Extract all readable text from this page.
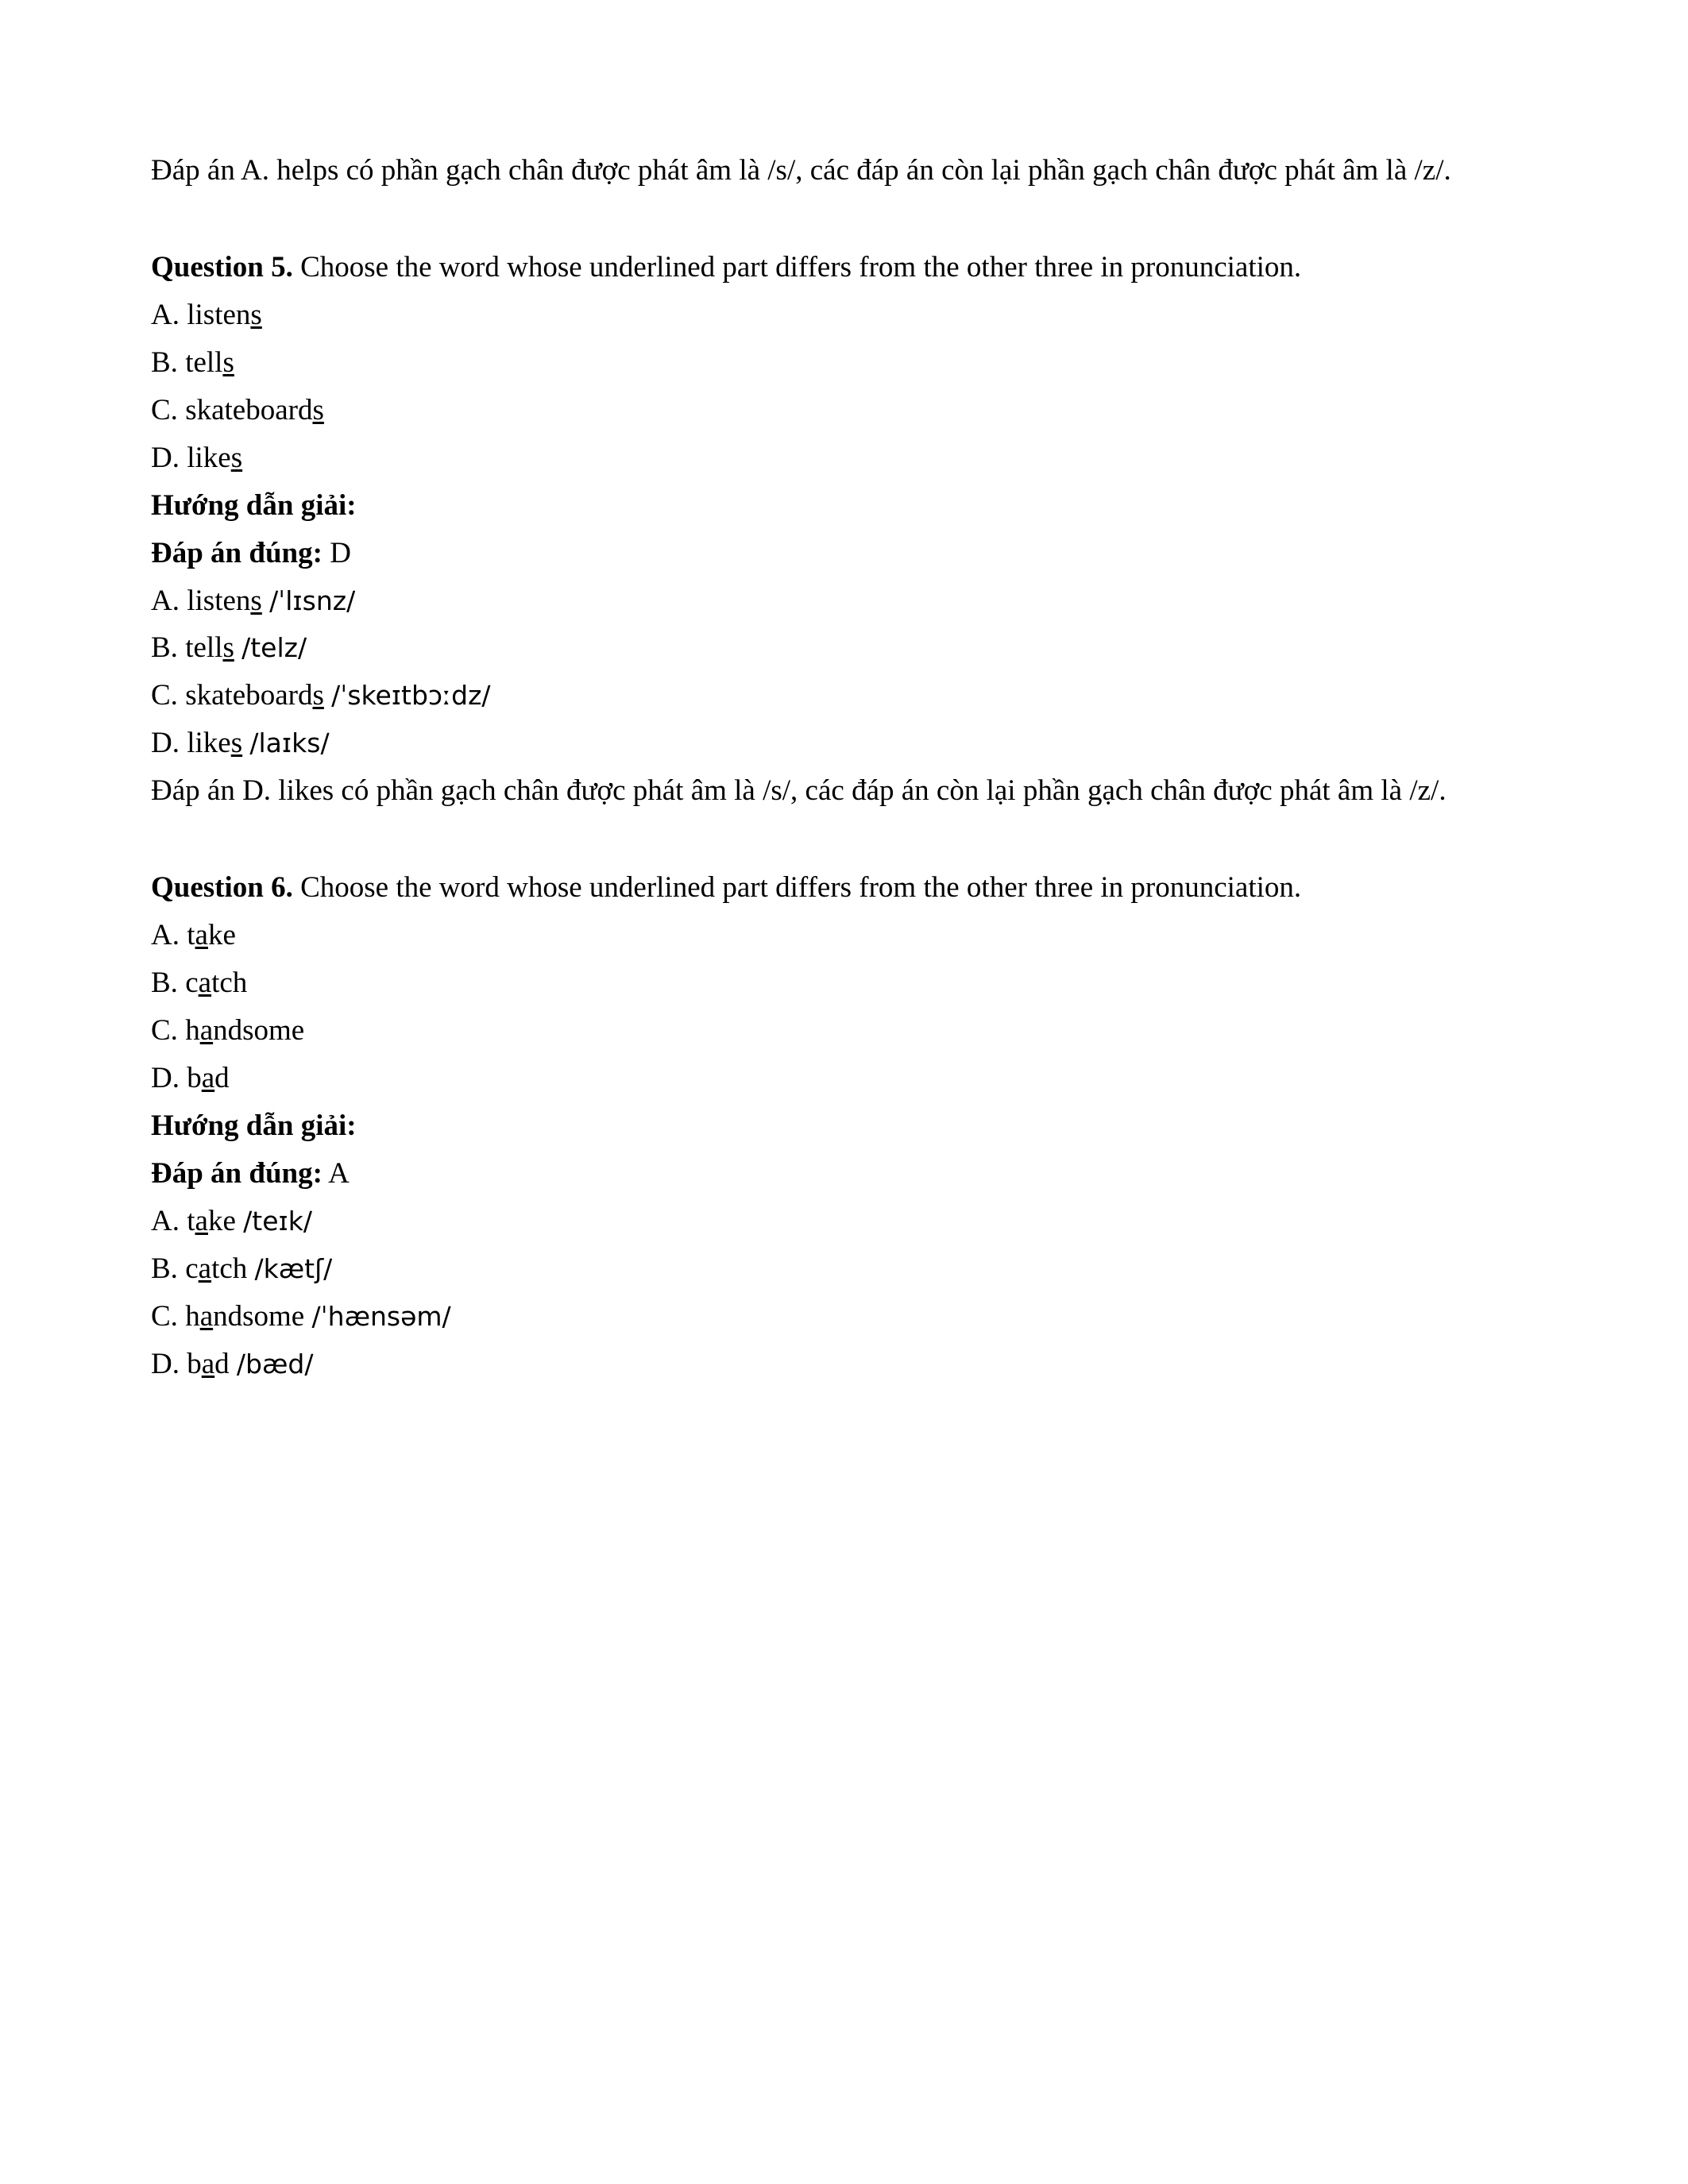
Đáp án A. helps có phần gạch chân được phát âm là /s/, các đáp án còn lại phần gạch chân được phát âm là /z/.

Question 5. Choose the word whose underlined part differs from the other three in pronunciation.

A. listens

B. tells

C. skateboards

D. likes

Hướng dẫn giải:

Đáp án đúng: D

A. listens /ˈlɪsnz/

B. tells /telz/

C. skateboards /ˈskeɪtbɔːdz/

D. likes /laɪks/

Đáp án D. likes có phần gạch chân được phát âm là /s/, các đáp án còn lại phần gạch chân được phát âm là /z/.

Question 6. Choose the word whose underlined part differs from the other three in pronunciation.

A. take

B. catch

C. handsome

D. bad

Hướng dẫn giải:

Đáp án đúng: A

A. take /teɪk/

B. catch /kætʃ/

C. handsome /ˈhænsəm/

D. bad /bæd/
